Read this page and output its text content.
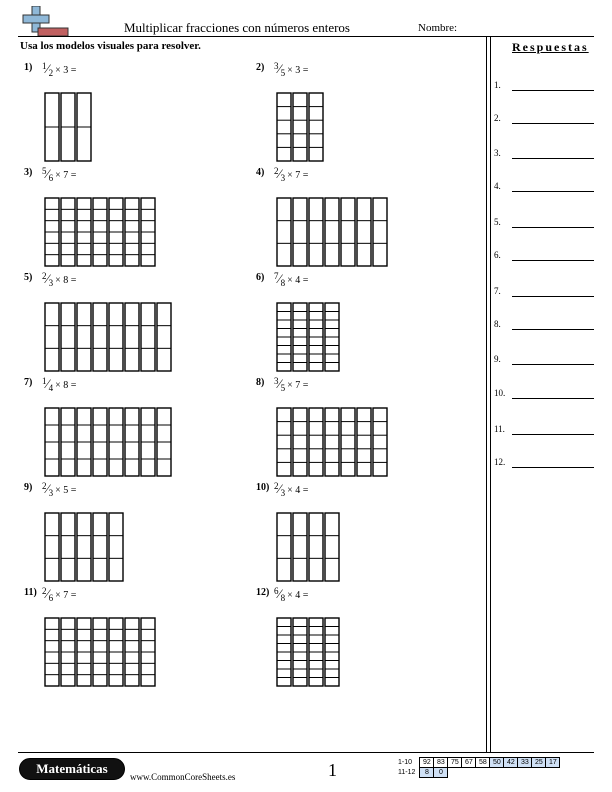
Multiplicar fracciones con números enteros	Nombre:
Usa los modelos visuales para resolver.
1) 1⁄2 × 3 =	2) 3⁄5 × 3 =
3) 5⁄6 × 7 =	4) 2⁄3 × 7 =
5) 2⁄3 × 8 =	6) 7⁄8 × 4 =
7) 1⁄4 × 8 =	8) 3⁄5 × 7 =
9) 2⁄3 × 5 =	10) 2⁄3 × 4 =
11) 2⁄6 × 7 =	12) 6⁄8 × 4 =
Respuestas
1.
2.
3.
4.
5.
6.
7.
8.
9.
10.
11.
12.
Matemáticas
www.CommonCoreSheets.es	1	1-10	92	83	75	67	58	50	42	33	25	17
11-12	8	0								
